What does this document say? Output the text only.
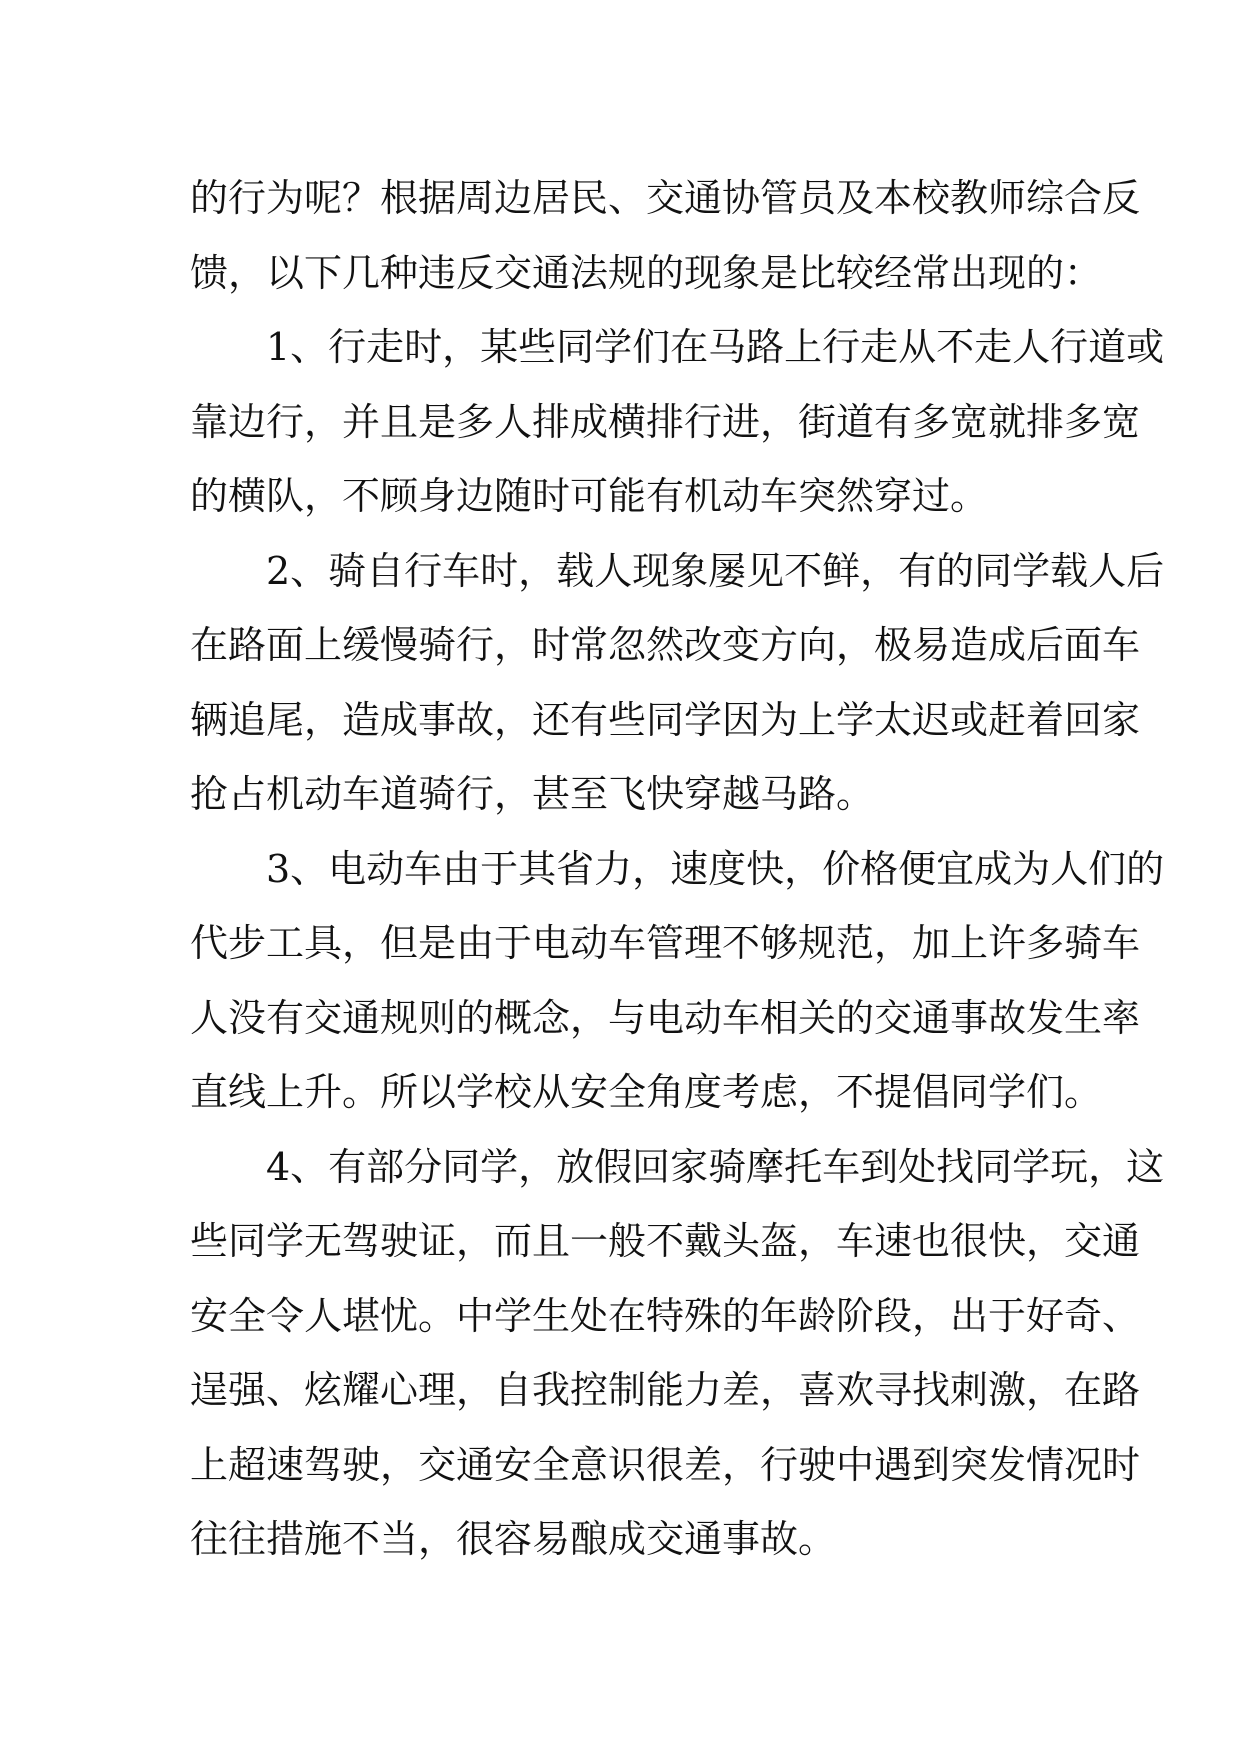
的行为呢？根据周边居民、交通协管员及本校教师综合反
馈，以下几种违反交通法规的现象是比较经常出现的：
1、行走时，某些同学们在马路上行走从不走人行道或
靠边行，并且是多人排成横排行进，街道有多宽就排多宽
的横队，不顾身边随时可能有机动车突然穿过。
2、骑自行车时，载人现象屡见不鲜，有的同学载人后
在路面上缓慢骑行，时常忽然改变方向，极易造成后面车
辆追尾，造成事故，还有些同学因为上学太迟或赶着回家
抢占机动车道骑行，甚至飞快穿越马路。
3、电动车由于其省力，速度快，价格便宜成为人们的
代步工具，但是由于电动车管理不够规范，加上许多骑车
人没有交通规则的概念，与电动车相关的交通事故发生率
直线上升。所以学校从安全角度考虑，不提倡同学们。
4、有部分同学，放假回家骑摩托车到处找同学玩，这
些同学无驾驶证，而且一般不戴头盔，车速也很快，交通
安全令人堪忧。中学生处在特殊的年龄阶段，出于好奇、
逞强、炫耀心理，自我控制能力差，喜欢寻找刺激，在路
上超速驾驶，交通安全意识很差，行驶中遇到突发情况时
往往措施不当，很容易酿成交通事故。
